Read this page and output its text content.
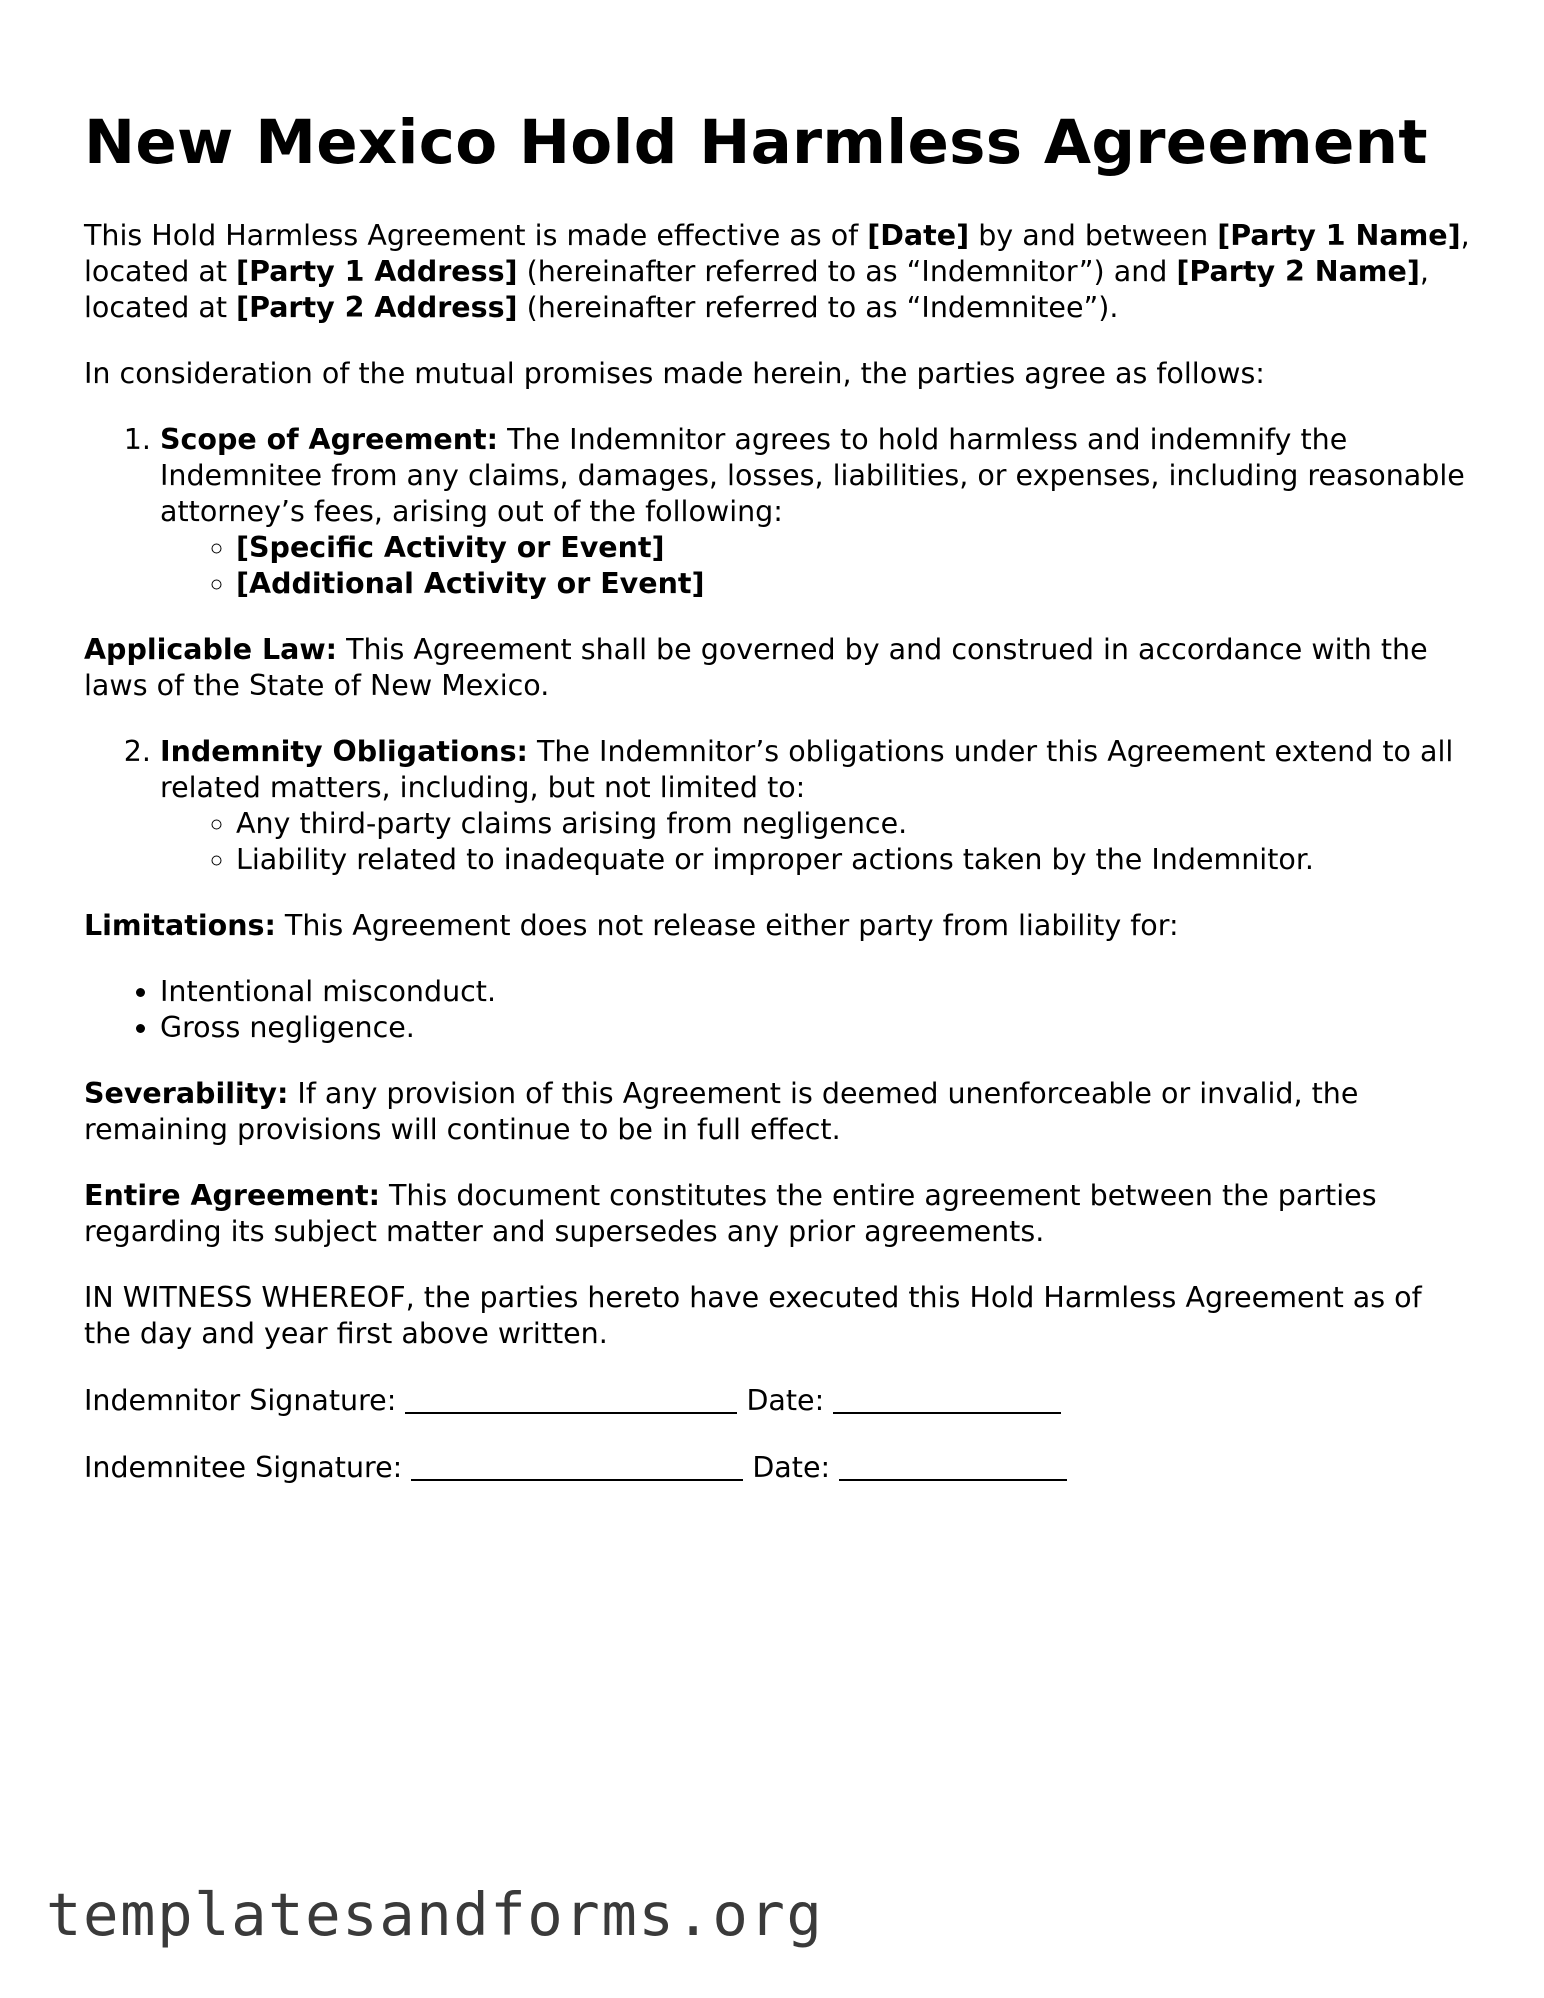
New Mexico Hold Harmless Agreement

This Hold Harmless Agreement is made effective as of [Date] by and between [Party 1 Name], located at [Party 1 Address] (hereinafter referred to as “Indemnitor”) and [Party 2 Name], located at [Party 2 Address] (hereinafter referred to as “Indemnitee”).

In consideration of the mutual promises made herein, the parties agree as follows:

1. Scope of Agreement: The Indemnitor agrees to hold harmless and indemnify the Indemnitee from any claims, damages, losses, liabilities, or expenses, including reasonable attorney’s fees, arising out of the following:
◦ [Specific Activity or Event]
◦ [Additional Activity or Event]

Applicable Law: This Agreement shall be governed by and construed in accordance with the laws of the State of New Mexico.

2. Indemnity Obligations: The Indemnitor’s obligations under this Agreement extend to all related matters, including, but not limited to:
◦ Any third-party claims arising from negligence.
◦ Liability related to inadequate or improper actions taken by the Indemnitor.

Limitations: This Agreement does not release either party from liability for:

• Intentional misconduct.
• Gross negligence.

Severability: If any provision of this Agreement is deemed unenforceable or invalid, the remaining provisions will continue to be in full effect.

Entire Agreement: This document constitutes the entire agreement between the parties regarding its subject matter and supersedes any prior agreements.

IN WITNESS WHEREOF, the parties hereto have executed this Hold Harmless Agreement as of the day and year first above written.

Indemnitor Signature:	Date:
Indemnitee Signature:	Date:
templatesandforms.org
